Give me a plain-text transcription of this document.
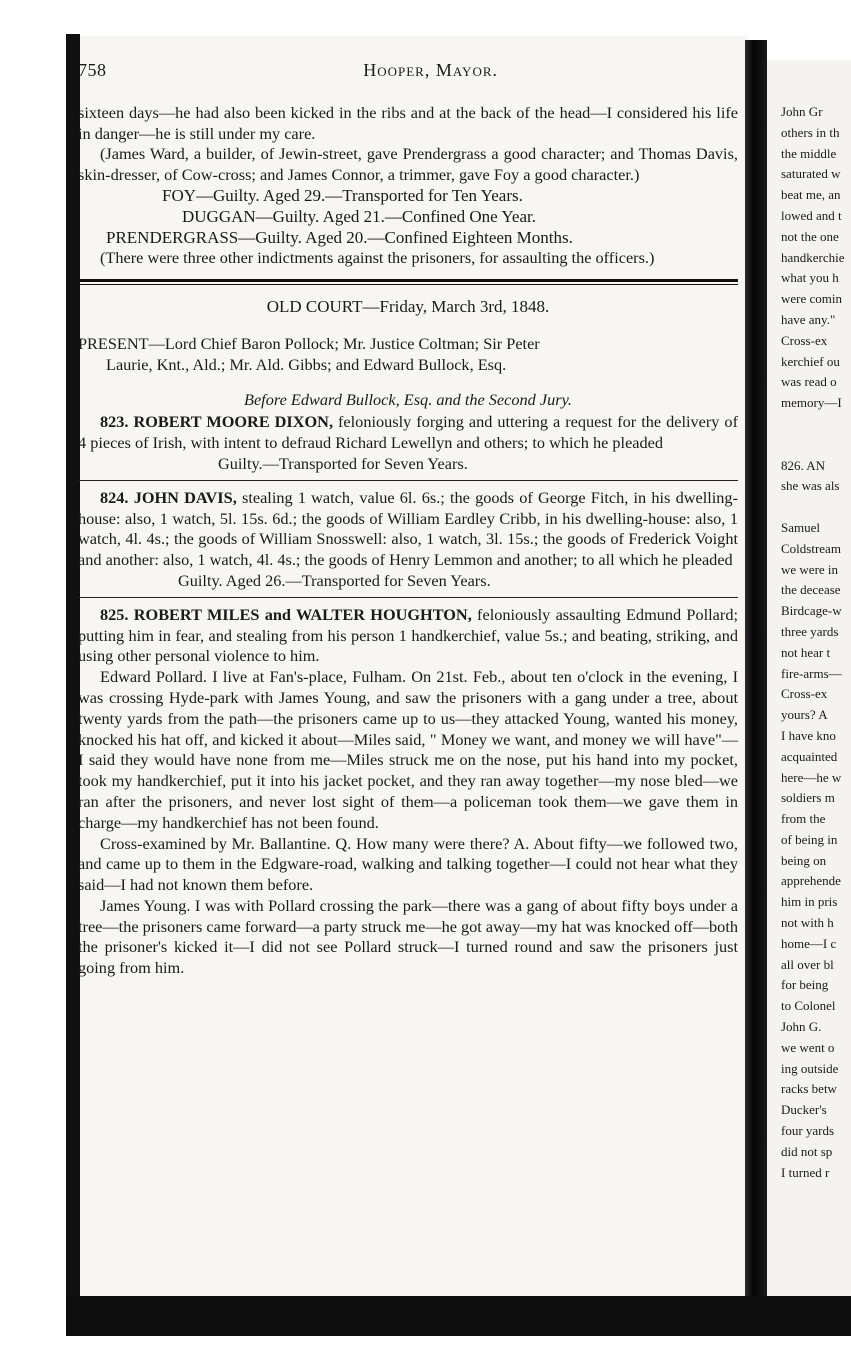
John Gr
others in th
the middle
saturated w
beat me, an
lowed and t
not the one
handkerchie
what you h
were comin
have any."
Cross-ex
kerchief ou
was read o
memory—I

826. AN
she was als

Samuel
Coldstream
we were in
the decease
Birdcage-w
three yards
not hear t
fire-arms—
Cross-ex
yours? A
I have kno
acquainted
here—he w
soldiers m
from the
of being in
being on
apprehende
him in pris
not with h
home—I c
all over bl
for being
to Colonel
John G.
we went o
ing outside
racks betw
Ducker's
four yards
did not sp
I turned r
758	Hooper, Mayor.

sixteen days—he had also been kicked in the ribs and at the back of the head—I considered his life in danger—he is still under my care.

(James Ward, a builder, of Jewin-street, gave Prendergrass a good character; and Thomas Davis, skin-dresser, of Cow-cross; and James Connor, a trimmer, gave Foy a good character.)

FOY—Guilty. Aged 29.—Transported for Ten Years.

DUGGAN—Guilty. Aged 21.—Confined One Year.

PRENDERGRASS—Guilty. Aged 20.—Confined Eighteen Months.

(There were three other indictments against the prisoners, for assaulting the officers.)

OLD COURT—Friday, March 3rd, 1848.

PRESENT—Lord Chief Baron Pollock; Mr. Justice Coltman; Sir Peter

Laurie, Knt., Ald.; Mr. Ald. Gibbs; and Edward Bullock, Esq.

Before Edward Bullock, Esq. and the Second Jury.

823. ROBERT MOORE DIXON, feloniously forging and uttering a request for the delivery of 4 pieces of Irish, with intent to defraud Richard Lewellyn and others; to which he pleaded

Guilty.—Transported for Seven Years.

824. JOHN DAVIS, stealing 1 watch, value 6l. 6s.; the goods of George Fitch, in his dwelling-house: also, 1 watch, 5l. 15s. 6d.; the goods of William Eardley Cribb, in his dwelling-house: also, 1 watch, 4l. 4s.; the goods of William Snosswell: also, 1 watch, 3l. 15s.; the goods of Frederick Voight and another: also, 1 watch, 4l. 4s.; the goods of Henry Lemmon and another; to all which he pleaded

Guilty. Aged 26.—Transported for Seven Years.

825. ROBERT MILES and WALTER HOUGHTON, feloniously assaulting Edmund Pollard; putting him in fear, and stealing from his person 1 handkerchief, value 5s.; and beating, striking, and using other personal violence to him.

Edward Pollard. I live at Fan's-place, Fulham. On 21st. Feb., about ten o'clock in the evening, I was crossing Hyde-park with James Young, and saw the prisoners with a gang under a tree, about twenty yards from the path—the prisoners came up to us—they attacked Young, wanted his money, knocked his hat off, and kicked it about—Miles said, " Money we want, and money we will have"—I said they would have none from me—Miles struck me on the nose, put his hand into my pocket, took my handkerchief, put it into his jacket pocket, and they ran away together—my nose bled—we ran after the prisoners, and never lost sight of them—a policeman took them—we gave them in charge—my handkerchief has not been found.

Cross-examined by Mr. Ballantine. Q. How many were there? A. About fifty—we followed two, and came up to them in the Edgware-road, walking and talking together—I could not hear what they said—I had not known them before.

James Young. I was with Pollard crossing the park—there was a gang of about fifty boys under a tree—the prisoners came forward—a party struck me—he got away—my hat was knocked off—both the prisoner's kicked it—I did not see Pollard struck—I turned round and saw the prisoners just going from him.
